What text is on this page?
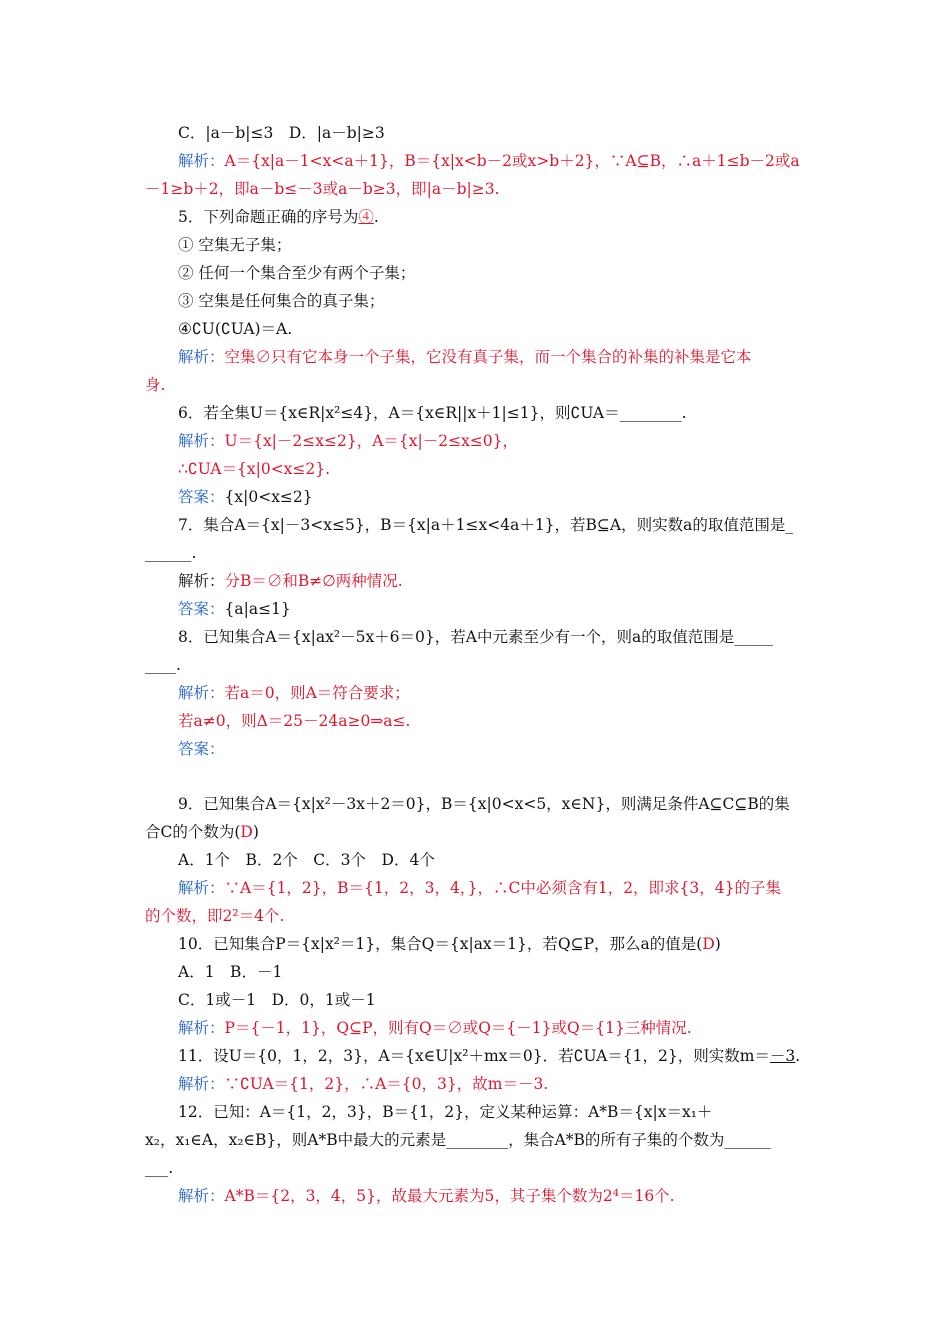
C．|a－b|≤3　D．|a－b|≥3
解析：A＝{x|a－1<x<a＋1}，B＝{x|x<b－2或x>b＋2}，∵A⊆B，∴a＋1≤b－2或a
－1≥b＋2，即a－b≤－3或a－b≥3，即|a－b|≥3.
5．下列命题正确的序号为④.
① 空集无子集；
② 任何一个集合至少有两个子集；
③ 空集是任何集合的真子集；
④∁U(∁UA)＝A.
解析：空集∅只有它本身一个子集，它没有真子集，而一个集合的补集的补集是它本
身.
6．若全集U＝{x∈R|x²≤4}，A＝{x∈R||x＋1|≤1}，则∁UA＝________.
解析：U＝{x|－2≤x≤2}，A＝{x|－2≤x≤0}，
∴∁UA＝{x|0<x≤2}.
答案：{x|0<x≤2}
7．集合A＝{x|－3<x≤5}，B＝{x|a＋1≤x<4a＋1}，若B⊆A，则实数a的取值范围是_
______.
解析：分B＝∅和B≠∅两种情况.
答案：{a|a≤1}
8．已知集合A＝{x|ax²－5x＋6＝0}，若A中元素至少有一个，则a的取值范围是_____
____.
解析：若a＝0，则A＝符合要求；
若a≠0，则Δ＝25－24a≥0⇒a≤.
答案：
9．已知集合A＝{x|x²－3x＋2＝0}，B＝{x|0<x<5，x∈N}，则满足条件A⊆C⊆B的集
合C的个数为(D)
A．1个　B．2个　C．3个　D．4个
解析：∵A＝{1，2}，B＝{1，2，3，4，}，∴C中必须含有1，2，即求{3，4}的子集
的个数，即2²＝4个.
10．已知集合P＝{x|x²＝1}，集合Q＝{x|ax＝1}，若Q⊆P，那么a的值是(D)
A．1　B．－1
C．1或－1　D．0，1或－1
解析：P＝{－1，1}，Q⊆P，则有Q＝∅或Q＝{－1}或Q＝{1}三种情况.
11．设U＝{0，1，2，3}，A＝{x∈U|x²＋mx＝0}．若∁UA＝{1，2}，则实数m＝－3.
解析：∵∁UA＝{1，2}，∴A＝{0，3}，故m＝－3.
12．已知：A＝{1，2，3}，B＝{1，2}，定义某种运算：A*B＝{x|x＝x₁＋
x₂，x₁∈A，x₂∈B}，则A*B中最大的元素是________，集合A*B的所有子集的个数为______
___.
解析：A*B＝{2，3，4，5}，故最大元素为5，其子集个数为2⁴＝16个.
